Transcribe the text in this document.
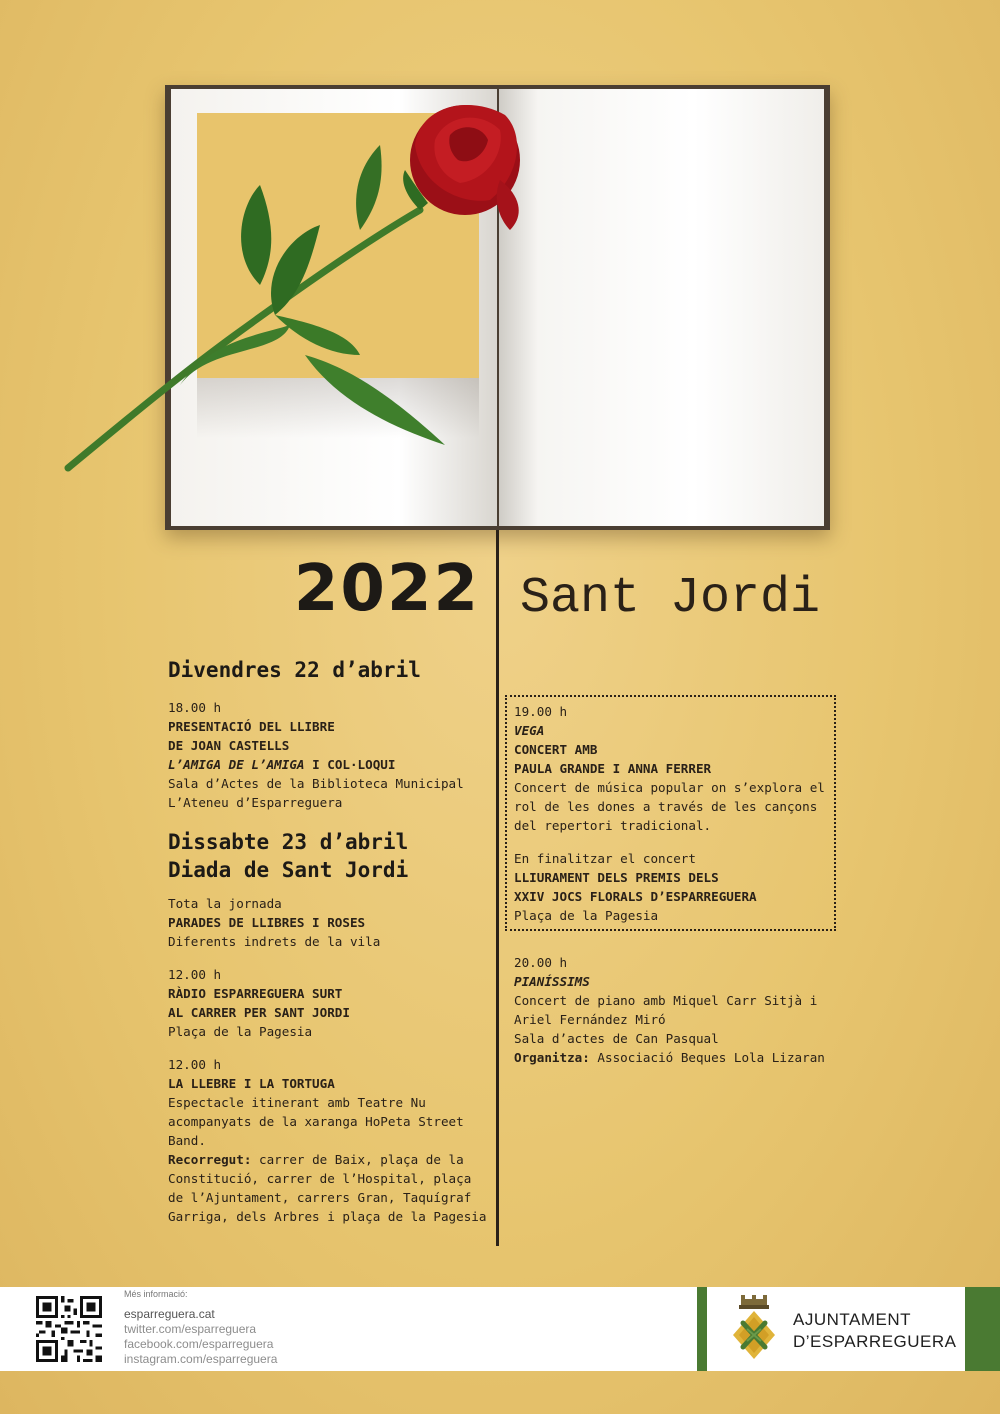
2022 Sant Jordi
Divendres 22 d’abril
18.00 h
PRESENTACIÓ DEL LLIBRE
DE JOAN CASTELLS
L’AMIGA DE L’AMIGA I COL·LOQUI
Sala d’Actes de la Biblioteca Municipal
L’Ateneu d’Esparreguera
Dissabte 23 d’abril
Diada de Sant Jordi
Tota la jornada
PARADES DE LLIBRES I ROSES
Diferents indrets de la vila
12.00 h
RÀDIO ESPARREGUERA SURT
AL CARRER PER SANT JORDI
Plaça de la Pagesia
12.00 h
LA LLEBRE I LA TORTUGA
Espectacle itinerant amb Teatre Nu
acompanyats de la xaranga HoPeta Street Band.
Recorregut: carrer de Baix, plaça de la
Constitució, carrer de l’Hospital, plaça
de l’Ajuntament, carrers Gran, Taquígraf
Garriga, dels Arbres i plaça de la Pagesia
19.00 h
VEGA
CONCERT AMB
PAULA GRANDE I ANNA FERRER
Concert de música popular on s’explora el
rol de les dones a través de les cançons
del repertori tradicional.
En finalitzar el concert
LLIURAMENT DELS PREMIS DELS
XXIV JOCS FLORALS D’ESPARREGUERA
Plaça de la Pagesia
20.00 h
PIANÍSSIMS
Concert de piano amb Miquel Carr Sitjà i
Ariel Fernández Miró
Sala d’actes de Can Pasqual
Organitza: Associació Beques Lola Lizaran
Més informació:
esparreguera.cat
twitter.com/esparreguera
facebook.com/esparreguera
instagram.com/esparreguera
AJUNTAMENT
D’ESPARREGUERA
